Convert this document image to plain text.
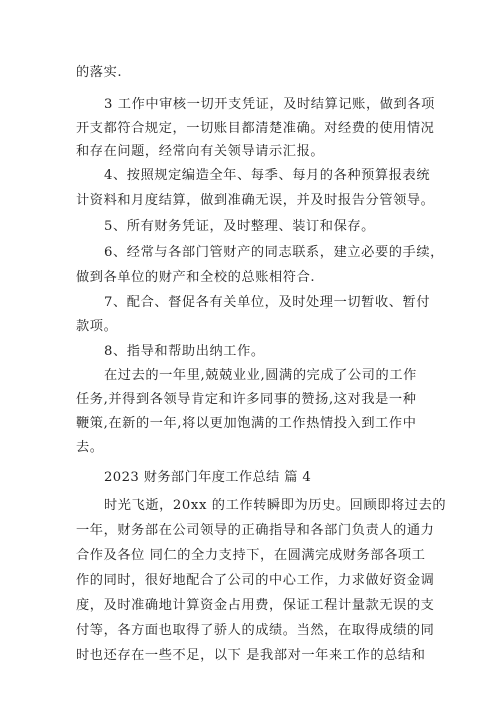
的落实.
3 工作中审核一切开支凭证，及时结算记账，做到各项
开支都符合规定，一切账目都清楚准确。对经费的使用情况
和存在问题，经常向有关领导请示汇报。
4、按照规定编造全年、每季、每月的各种预算报表统
计资料和月度结算，做到准确无误，并及时报告分管领导。
5、所有财务凭证，及时整理、装订和保存。
6、经常与各部门管财产的同志联系，建立必要的手续，
做到各单位的财产和全校的总账相符合.
7、配合、督促各有关单位，及时处理一切暂收、暂付
款项。
8、指导和帮助出纳工作。
在过去的一年里,兢兢业业,圆满的完成了公司的工作
任务,并得到各领导肯定和许多同事的赞扬,这对我是一种
鞭策,在新的一年,将以更加饱满的工作热情投入到工作中
去。
2023 财务部门年度工作总结 篇 4
时光飞逝，20xx 的工作转瞬即为历史。回顾即将过去的
一年，财务部在公司领导的正确指导和各部门负责人的通力
合作及各位 同仁的全力支持下，在圆满完成财务部各项工
作的同时，很好地配合了公司的中心工作，力求做好资金调
度，及时准确地计算资金占用费，保证工程计量款无误的支
付等，各方面也取得了骄人的成绩。当然，在取得成绩的同
时也还存在一些不足，以下 是我部对一年来工作的总结和
